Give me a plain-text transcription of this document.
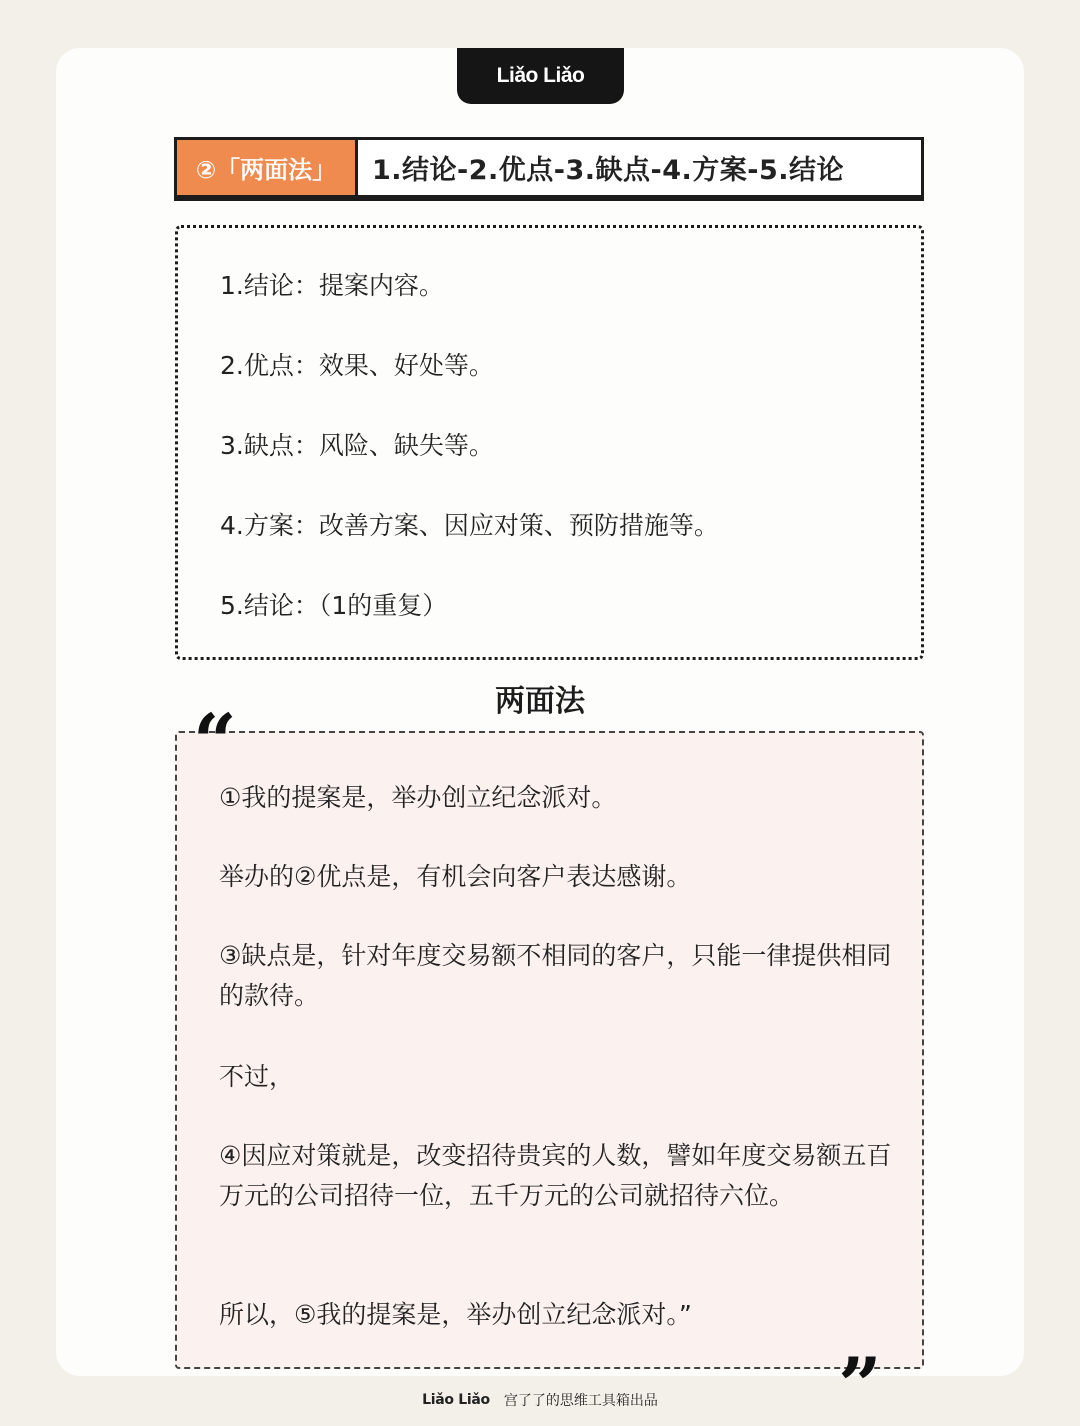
Liǎo Liǎo
②「两面法」	1.结论-2.优点-3.缺点-4.方案-5.结论
1.结论：提案内容。
2.优点：效果、好处等。
3.缺点：风险、缺失等。
4.方案：改善方案、因应对策、预防措施等。
5.结论：（1的重复）
两面法
①我的提案是，举办创立纪念派对。
举办的②优点是，有机会向客户表达感谢。
③缺点是，针对年度交易额不相同的客户，只能一律提供相同的款待。
不过，
④因应对策就是，改变招待贵宾的人数，譬如年度交易额五百万元的公司招待一位，五千万元的公司就招待六位。
所以，⑤我的提案是，举办创立纪念派对。”
“
”
Liǎo Liǎo 宫了了的思维工具箱出品
